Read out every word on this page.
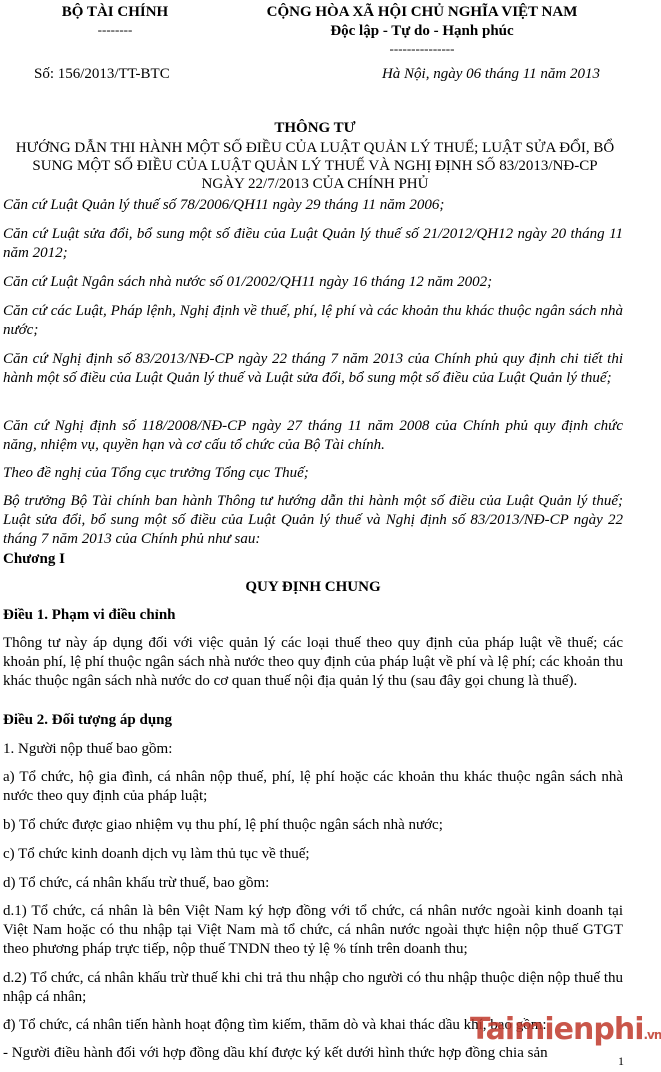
BỘ TÀI CHÍNH
--------
CỘNG HÒA XÃ HỘI CHỦ NGHĨA VIỆT NAM
Độc lập - Tự do - Hạnh phúc
---------------
Số: 156/2013/TT-BTC	Hà Nội, ngày 06 tháng 11 năm 2013
THÔNG TƯ
HƯỚNG DẪN THI HÀNH MỘT SỐ ĐIỀU CỦA LUẬT QUẢN LÝ THUẾ; LUẬT SỬA ĐỔI, BỔ SUNG MỘT SỐ ĐIỀU CỦA LUẬT QUẢN LÝ THUẾ VÀ NGHỊ ĐỊNH SỐ 83/2013/NĐ-CP NGÀY 22/7/2013 CỦA CHÍNH PHỦ
Căn cứ Luật Quản lý thuế số 78/2006/QH11 ngày 29 tháng 11 năm 2006;
Căn cứ Luật sửa đổi, bổ sung một số điều của Luật Quản lý thuế số 21/2012/QH12 ngày 20 tháng 11 năm 2012;
Căn cứ Luật Ngân sách nhà nước số 01/2002/QH11 ngày 16 tháng 12 năm 2002;
Căn cứ các Luật, Pháp lệnh, Nghị định về thuế, phí, lệ phí và các khoản thu khác thuộc ngân sách nhà nước;
Căn cứ Nghị định số 83/2013/NĐ-CP ngày 22 tháng 7 năm 2013 của Chính phủ quy định chi tiết thi hành một số điều của Luật Quản lý thuế và Luật sửa đổi, bổ sung một số điều của Luật Quản lý thuế;
Căn cứ Nghị định số 118/2008/NĐ-CP ngày 27 tháng 11 năm 2008 của Chính phủ quy định chức năng, nhiệm vụ, quyền hạn và cơ cấu tổ chức của Bộ Tài chính.
Theo đề nghị của Tổng cục trưởng Tổng cục Thuế;
Bộ trưởng Bộ Tài chính ban hành Thông tư hướng dẫn thi hành một số điều của Luật Quản lý thuế; Luật sửa đổi, bổ sung một số điều của Luật Quản lý thuế và Nghị định số 83/2013/NĐ-CP ngày 22 tháng 7 năm 2013 của Chính phủ như sau:
Chương I
QUY ĐỊNH CHUNG
Điều 1. Phạm vi điều chỉnh
Thông tư này áp dụng đối với việc quản lý các loại thuế theo quy định của pháp luật về thuế; các khoản phí, lệ phí thuộc ngân sách nhà nước theo quy định của pháp luật về phí và lệ phí; các khoản thu khác thuộc ngân sách nhà nước do cơ quan thuế nội địa quản lý thu (sau đây gọi chung là thuế).
Điều 2. Đối tượng áp dụng
1. Người nộp thuế bao gồm:
a) Tổ chức, hộ gia đình, cá nhân nộp thuế, phí, lệ phí hoặc các khoản thu khác thuộc ngân sách nhà nước theo quy định của pháp luật;
b) Tổ chức được giao nhiệm vụ thu phí, lệ phí thuộc ngân sách nhà nước;
c) Tổ chức kinh doanh dịch vụ làm thủ tục về thuế;
d) Tổ chức, cá nhân khấu trừ thuế, bao gồm:
d.1) Tổ chức, cá nhân là bên Việt Nam ký hợp đồng với tổ chức, cá nhân nước ngoài kinh doanh tại Việt Nam hoặc có thu nhập tại Việt Nam mà tổ chức, cá nhân nước ngoài thực hiện nộp thuế GTGT theo phương pháp trực tiếp, nộp thuế TNDN theo tỷ lệ % tính trên doanh thu;
d.2) Tổ chức, cá nhân khấu trừ thuế khi chi trả thu nhập cho người có thu nhập thuộc diện nộp thuế thu nhập cá nhân;
đ) Tổ chức, cá nhân tiến hành hoạt động tìm kiếm, thăm dò và khai thác dầu khí, bao gồm:
- Người điều hành đối với hợp đồng dầu khí được ký kết dưới hình thức hợp đồng chia sản
Taimienphi.vn
1
